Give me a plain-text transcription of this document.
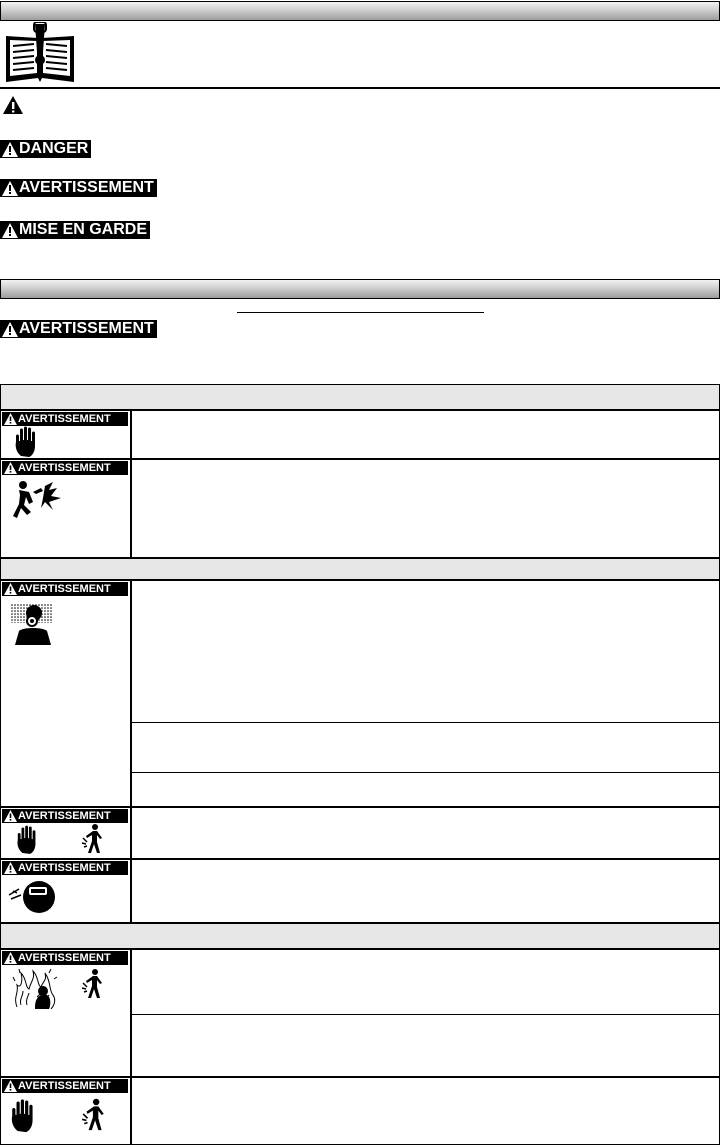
DANGER
AVERTISSEMENT
MISE EN GARDE
AVERTISSEMENT
AVERTISSEMENT
AVERTISSEMENT
AVERTISSEMENT
AVERTISSEMENT
AVERTISSEMENT
AVERTISSEMENT
AVERTISSEMENT
